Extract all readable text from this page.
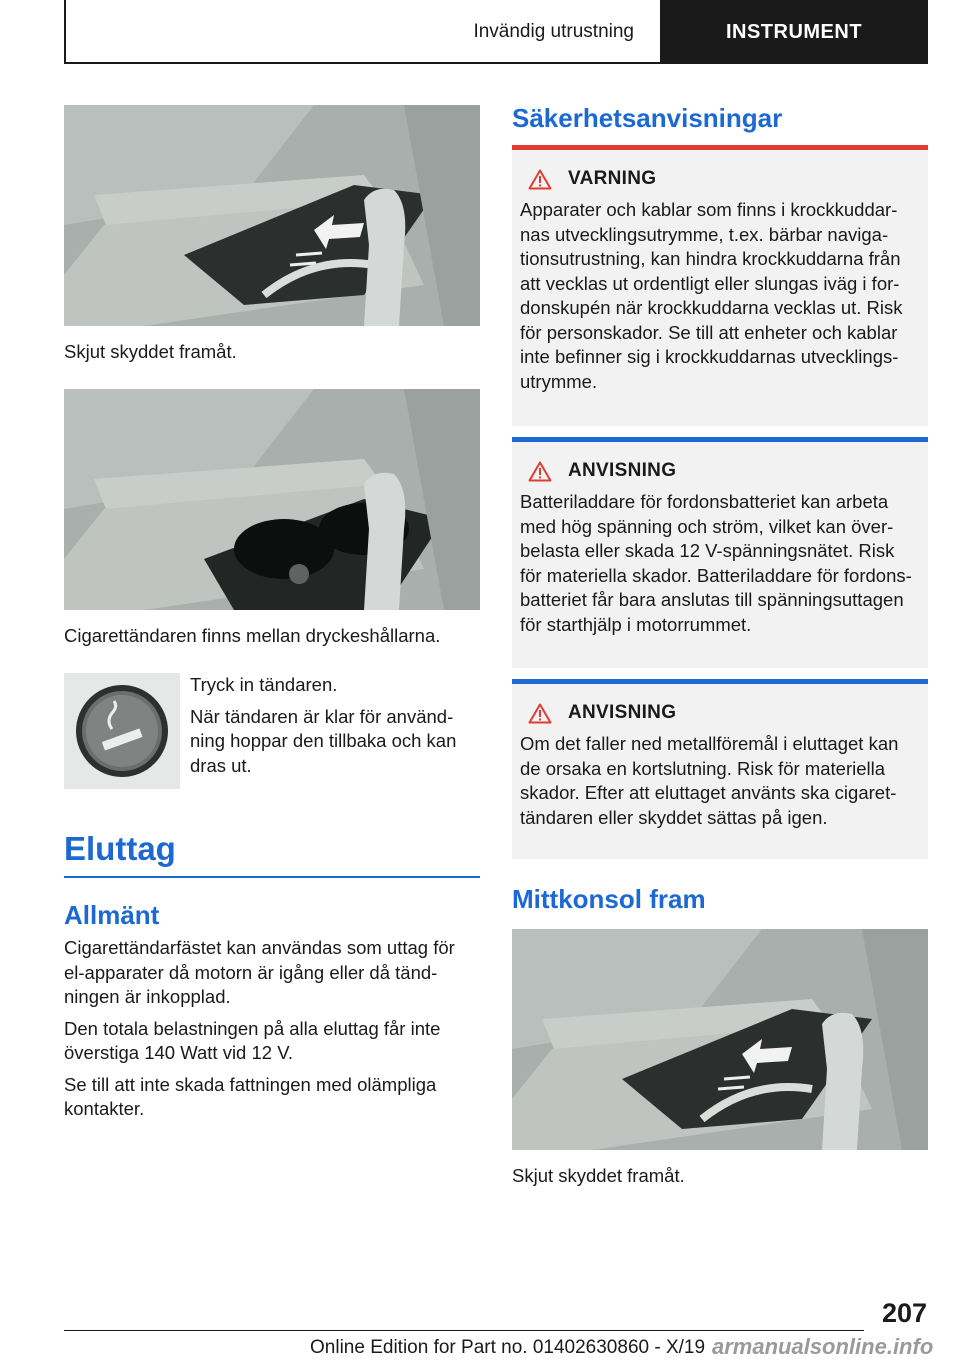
Invändig utrustning	INSTRUMENT
Skjut skyddet framåt.
Cigarettändaren finns mellan dryckeshållarna.

Tryck in tändaren.

När tändaren är klar för använd-ning hoppar den tillbaka och kan dras ut.

Eluttag
Allmänt

Cigarettändarfästet kan användas som uttag för el-apparater då motorn är igång eller då tänd-ningen är inkopplad.

Den totala belastningen på alla eluttag får inte överstiga 140 Watt vid 12 V.

Se till att inte skada fattningen med olämpliga kontakter.

Säkerhetsanvisningar
VARNING

Apparater och kablar som finns i krockkuddar-nas utvecklingsutrymme, t.ex. bärbar naviga-tionsutrustning, kan hindra krockkuddarna från att vecklas ut ordentligt eller slungas iväg i for-donskupén när krockkuddarna vecklas ut. Risk för personskador. Se till att enheter och kablar inte befinner sig i krockkuddarnas utvecklings-utrymme.

ANVISNING

Batteriladdare för fordonsbatteriet kan arbeta med hög spänning och ström, vilket kan över-belasta eller skada 12 V-spänningsnätet. Risk för materiella skador. Batteriladdare för fordons-batteriet får bara anslutas till spänningsuttagen för starthjälp i motorrummet.

ANVISNING

Om det faller ned metallföremål i eluttaget kan de orsaka en kortslutning. Risk för materiella skador. Efter att eluttaget använts ska cigaret-tändaren eller skyddet sättas på igen.

Mittkonsol fram
Skjut skyddet framåt.
207
Online Edition for Part no. 01402630860 - X/19 armanualsonline.info
